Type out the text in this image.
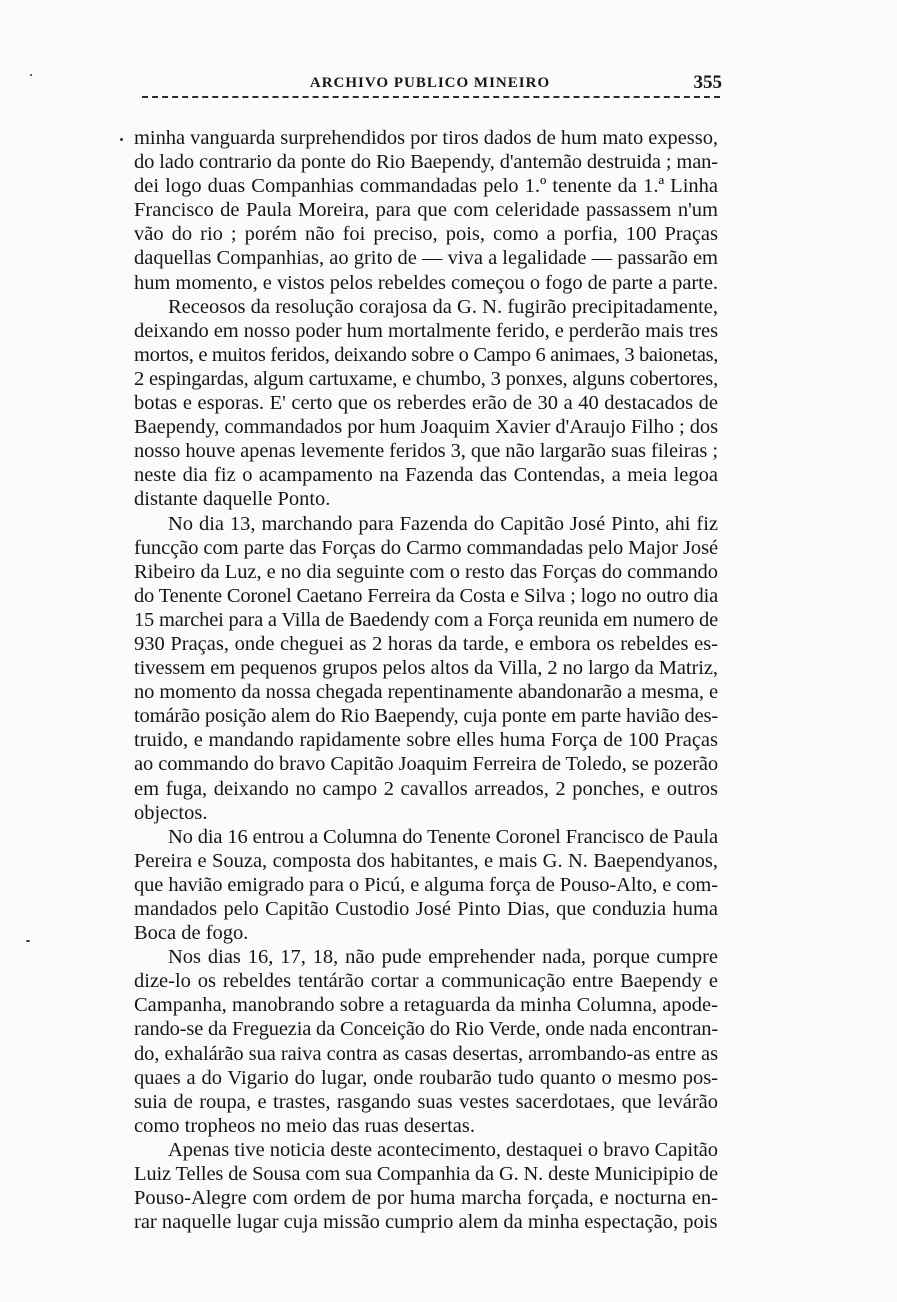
ARCHIVO PUBLICO MINEIRO	355
minha vanguarda surprehendidos por tiros dados de hum mato expesso,
do lado contrario da ponte do Rio Baependy, d'antemão destruida ; man-
dei logo duas Companhias commandadas pelo 1.º tenente da 1.ª Linha
Francisco de Paula Moreira, para que com celeridade passassem n'um
vão do rio ; porém não foi preciso, pois, como a porfia, 100 Praças
daquellas Companhias, ao grito de — viva a legalidade — passarão em
hum momento, e vistos pelos rebeldes começou o fogo de parte a parte.
Receosos da resolução corajosa da G. N. fugirão precipitadamente,
deixando em nosso poder hum mortalmente ferido, e perderão mais tres
mortos, e muitos feridos, deixando sobre o Campo 6 animaes, 3 baionetas,
2 espingardas, algum cartuxame, e chumbo, 3 ponxes, alguns cobertores,
botas e esporas. E' certo que os reberdes erão de 30 a 40 destacados de
Baependy, commandados por hum Joaquim Xavier d'Araujo Filho ; dos
nosso houve apenas levemente feridos 3, que não largarão suas fileiras ;
neste dia fiz o acampamento na Fazenda das Contendas, a meia legoa
distante daquelle Ponto.
No dia 13, marchando para Fazenda do Capitão José Pinto, ahi fiz
funcção com parte das Forças do Carmo commandadas pelo Major José
Ribeiro da Luz, e no dia seguinte com o resto das Forças do commando
do Tenente Coronel Caetano Ferreira da Costa e Silva ; logo no outro dia
15 marchei para a Villa de Baedendy com a Força reunida em numero de
930 Praças, onde cheguei as 2 horas da tarde, e embora os rebeldes es-
tivessem em pequenos grupos pelos altos da Villa, 2 no largo da Matriz,
no momento da nossa chegada repentinamente abandonarão a mesma, e
tomárão posição alem do Rio Baependy, cuja ponte em parte havião des-
truido, e mandando rapidamente sobre elles huma Força de 100 Praças
ao commando do bravo Capitão Joaquim Ferreira de Toledo, se pozerão
em fuga, deixando no campo 2 cavallos arreados, 2 ponches, e outros
objectos.
No dia 16 entrou a Columna do Tenente Coronel Francisco de Paula
Pereira e Souza, composta dos habitantes, e mais G. N. Baependyanos,
que havião emigrado para o Picú, e alguma força de Pouso-Alto, e com-
mandados pelo Capitão Custodio José Pinto Dias, que conduzia huma
Boca de fogo.
Nos dias 16, 17, 18, não pude emprehender nada, porque cumpre
dize-lo os rebeldes tentárão cortar a communicação entre Baependy e
Campanha, manobrando sobre a retaguarda da minha Columna, apode-
rando-se da Freguezia da Conceição do Rio Verde, onde nada encontran-
do, exhalárão sua raiva contra as casas desertas, arrombando-as entre as
quaes a do Vigario do lugar, onde roubarão tudo quanto o mesmo pos-
suia de roupa, e trastes, rasgando suas vestes sacerdotaes, que levárão
como tropheos no meio das ruas desertas.
Apenas tive noticia deste acontecimento, destaquei o bravo Capitão
Luiz Telles de Sousa com sua Companhia da G. N. deste Municipipio de
Pouso-Alegre com ordem de por huma marcha forçada, e nocturna en-
rar naquelle lugar cuja missão cumprio alem da minha espectação, pois
